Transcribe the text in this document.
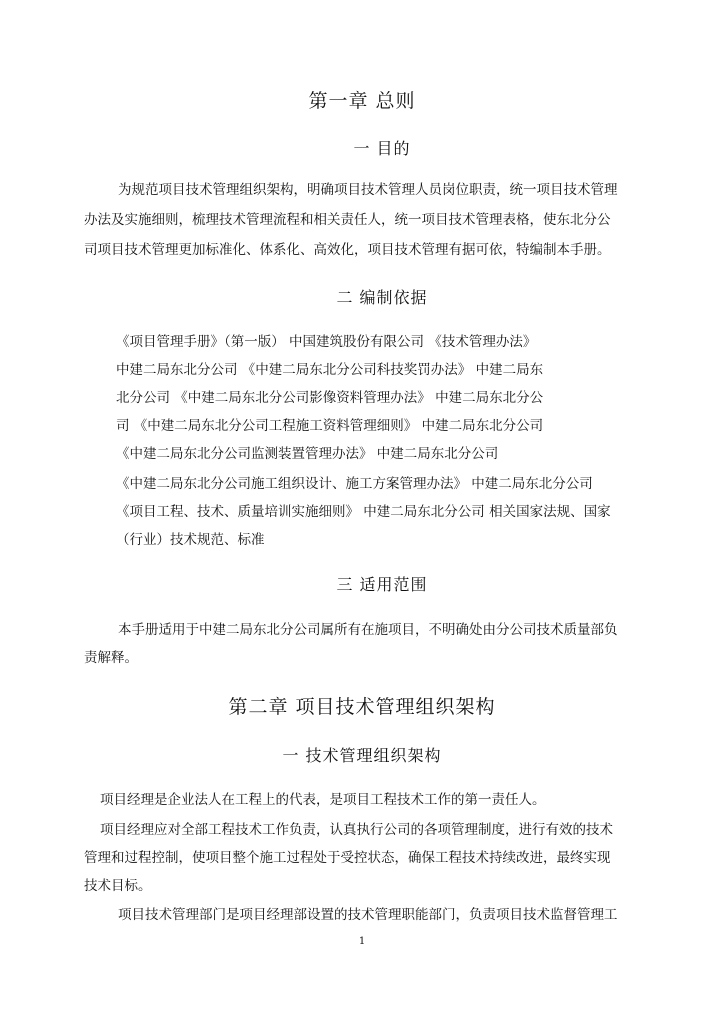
第一章 总则
一 目的
为规范项目技术管理组织架构，明确项目技术管理人员岗位职责，统一项目技术管理
办法及实施细则，梳理技术管理流程和相关责任人，统一项目技术管理表格，使东北分公
司项目技术管理更加标准化、体系化、高效化，项目技术管理有据可依，特编制本手册。
二 编制依据
《项目管理手册》（第一版） 中国建筑股份有限公司 《技术管理办法》
中建二局东北分公司 《中建二局东北分公司科技奖罚办法》 中建二局东
北分公司 《中建二局东北分公司影像资料管理办法》 中建二局东北分公
司 《中建二局东北分公司工程施工资料管理细则》 中建二局东北分公司
《中建二局东北分公司监测装置管理办法》 中建二局东北分公司
《中建二局东北分公司施工组织设计、施工方案管理办法》 中建二局东北分公司
《项目工程、技术、质量培训实施细则》 中建二局东北分公司 相关国家法规、国家
（行业）技术规范、标准
三 适用范围
本手册适用于中建二局东北分公司属所有在施项目，不明确处由分公司技术质量部负
责解释。
第二章 项目技术管理组织架构
一 技术管理组织架构
项目经理是企业法人在工程上的代表，是项目工程技术工作的第一责任人。
项目经理应对全部工程技术工作负责，认真执行公司的各项管理制度，进行有效的技术
管理和过程控制，使项目整个施工过程处于受控状态，确保工程技术持续改进，最终实现
技术目标。
项目技术管理部门是项目经理部设置的技术管理职能部门，负责项目技术监督管理工
1
